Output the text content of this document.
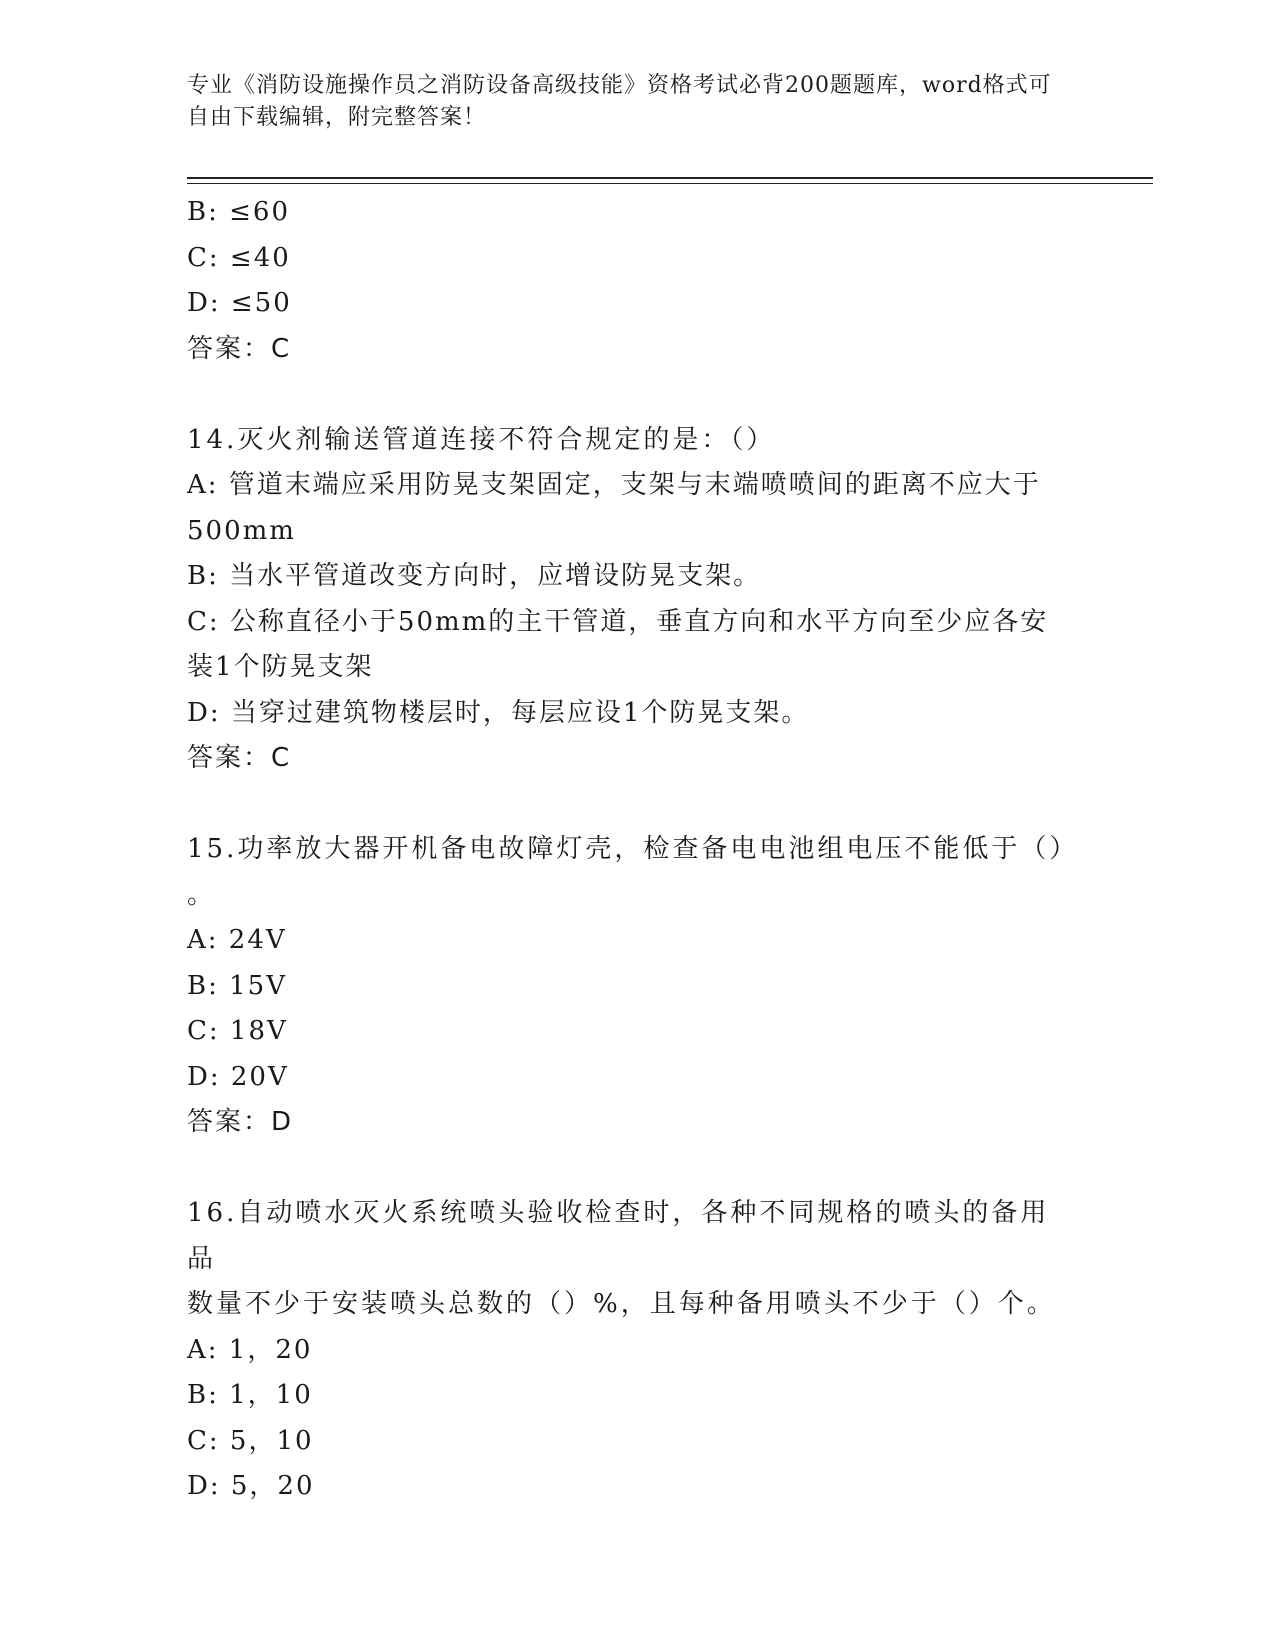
专业《消防设施操作员之消防设备高级技能》资格考试必背200题题库，word格式可自由下载编辑，附完整答案！
B: ≤60
C: ≤40
D: ≤50
答案：C
14.灭火剂输送管道连接不符合规定的是：（）
A: 管道末端应采用防晃支架固定，支架与末端喷喷间的距离不应大于
500mm
B: 当水平管道改变方向时，应增设防晃支架。
C: 公称直径小于50mm的主干管道，垂直方向和水平方向至少应各安
装1个防晃支架
D: 当穿过建筑物楼层时，每层应设1个防晃支架。
答案：C
15.功率放大器开机备电故障灯壳，检查备电电池组电压不能低于（）
。
A: 24V
B: 15V
C: 18V
D: 20V
答案：D
16.自动喷水灭火系统喷头验收检查时，各种不同规格的喷头的备用品
数量不少于安装喷头总数的（）%，且每种备用喷头不少于（）个。
A: 1，20
B: 1，10
C: 5，10
D: 5，20
